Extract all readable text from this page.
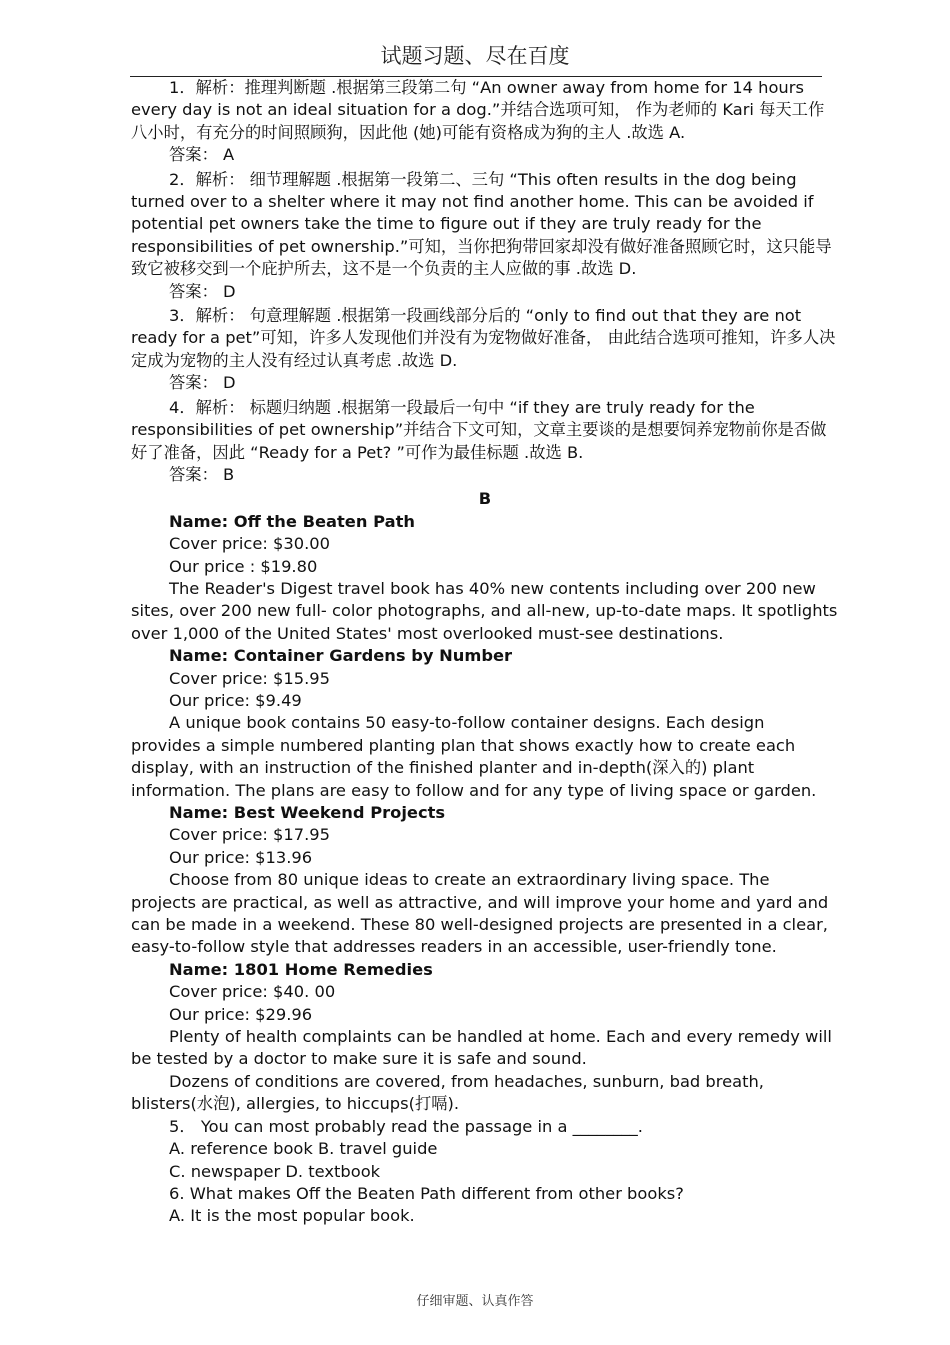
试题习题、尽在百度

1．解析：推理判断题 .根据第三段第二句 “An owner away from home for 14 hours every day is not an ideal situation for a dog.”并结合选项可知， 作为老师的 Kari 每天工作八小时，有充分的时间照顾狗，因此他 (她)可能有资格成为狗的主人 .故选 A.

答案： A

2．解析： 细节理解题 .根据第一段第二、三句 “This often results in the dog being turned over to a shelter where it may not find another home. This can be avoided if potential pet owners take the time to figure out if they are truly ready for the responsibilities of pet ownership.”可知，当你把狗带回家却没有做好准备照顾它时，这只能导致它被移交到一个庇护所去，这不是一个负责的主人应做的事 .故选 D.

答案： D

3．解析： 句意理解题 .根据第一段画线部分后的 “only to find out that they are not ready for a pet”可知，许多人发现他们并没有为宠物做好准备， 由此结合选项可推知，许多人决定成为宠物的主人没有经过认真考虑 .故选 D.

答案： D

4．解析： 标题归纳题 .根据第一段最后一句中 “if they are truly ready for the responsibilities of pet ownership”并结合下文可知，文章主要谈的是想要饲养宠物前你是否做好了准备，因此 “Ready for a Pet? ”可作为最佳标题 .故选 B.

答案： B

B

Name: Off the Beaten Path

Cover price: $30.00

Our price : $19.80

The Reader's Digest travel book has 40% new contents including over 200 new sites, over 200 new full- color photographs, and all-new, up-to-date maps. It spotlights over 1,000 of the United States' most overlooked must-see destinations.

Name: Container Gardens by Number

Cover price: $15.95

Our price: $9.49

A unique book contains 50 easy-to-follow container designs. Each design provides a simple numbered planting plan that shows exactly how to create each display, with an instruction of the finished planter and in-depth(深入的) plant information. The plans are easy to follow and for any type of living space or garden.

Name: Best Weekend Projects

Cover price: $17.95

Our price: $13.96

Choose from 80 unique ideas to create an extraordinary living space. The projects are practical, as well as attractive, and will improve your home and yard and can be made in a weekend. These 80 well-designed projects are presented in a clear, easy-to-follow style that addresses readers in an accessible, user-friendly tone.

Name: 1801 Home Remedies

Cover price: $40. 00

Our price: $29.96

Plenty of health complaints can be handled at home. Each and every remedy will be tested by a doctor to make sure it is safe and sound.

Dozens of conditions are covered, from headaches, sunburn, bad breath, blisters(水泡), allergies, to hiccups(打嗝).

5． You can most probably read the passage in a ________.

A. reference book B. travel guide

C. newspaper D. textbook

6. What makes Off the Beaten Path different from other books?

A. It is the most popular book.

仔细审题、认真作答
